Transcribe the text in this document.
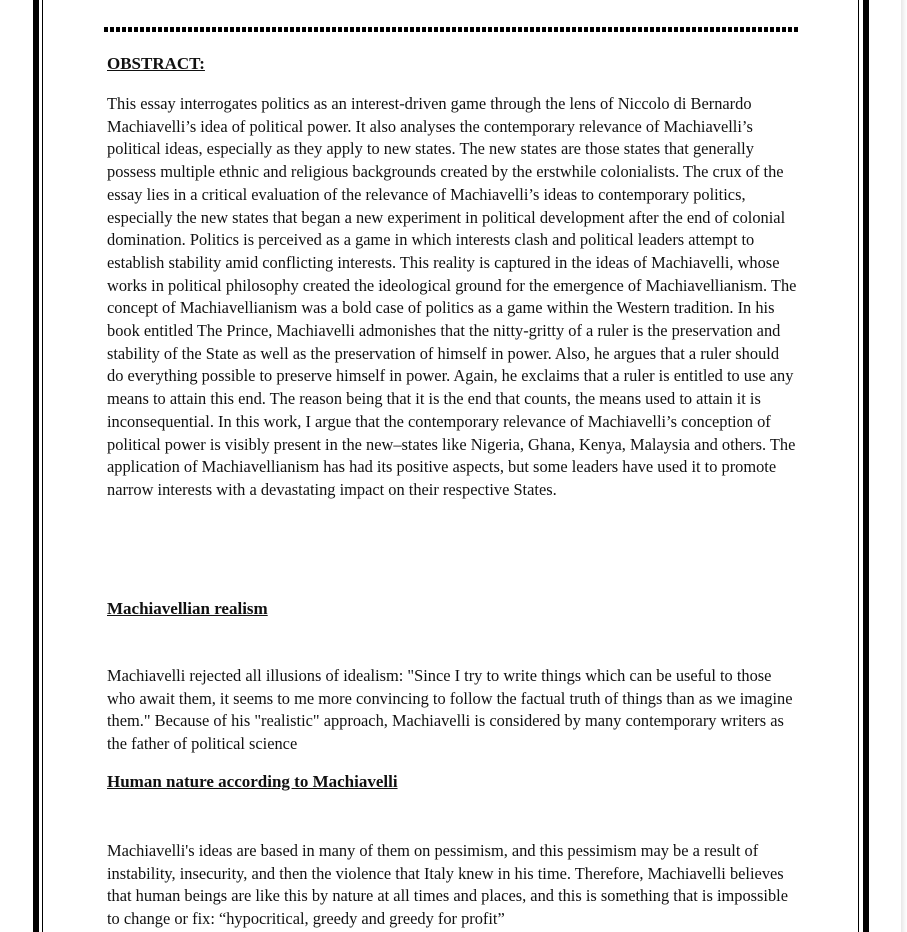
OBSTRACT:

This essay interrogates politics as an interest-driven game through the lens of Niccolo di Bernardo Machiavelli’s idea of political power. It also analyses the contemporary relevance of Machiavelli’s political ideas, especially as they apply to new states. The new states are those states that generally possess multiple ethnic and religious backgrounds created by the erstwhile colonialists. The crux of the essay lies in a critical evaluation of the relevance of Machiavelli’s ideas to contemporary politics, especially the new states that began a new experiment in political development after the end of colonial domination. Politics is perceived as a game in which interests clash and political leaders attempt to establish stability amid conflicting interests. This reality is captured in the ideas of Machiavelli, whose works in political philosophy created the ideological ground for the emergence of Machiavellianism. The concept of Machiavellianism was a bold case of politics as a game within the Western tradition. In his book entitled The Prince, Machiavelli admonishes that the nitty-gritty of a ruler is the preservation and stability of the State as well as the preservation of himself in power. Also, he argues that a ruler should do everything possible to preserve himself in power. Again, he exclaims that a ruler is entitled to use any means to attain this end. The reason being that it is the end that counts, the means used to attain it is inconsequential. In this work, I argue that the contemporary relevance of Machiavelli’s conception of political power is visibly present in the new–states like Nigeria, Ghana, Kenya, Malaysia and others. The application of Machiavellianism has had its positive aspects, but some leaders have used it to promote narrow interests with a devastating impact on their respective States.

Machiavellian realism

Machiavelli rejected all illusions of idealism: "Since I try to write things which can be useful to those who await them, it seems to me more convincing to follow the factual truth of things than as we imagine them." Because of his "realistic" approach, Machiavelli is considered by many contemporary writers as the father of political science

Human nature according to Machiavelli

Machiavelli's ideas are based in many of them on pessimism, and this pessimism may be a result of instability, insecurity, and then the violence that Italy knew in his time. Therefore, Machiavelli believes that human beings are like this by nature at all times and places, and this is something that is impossible to change or fix: “hypocritical, greedy and greedy for profit”
